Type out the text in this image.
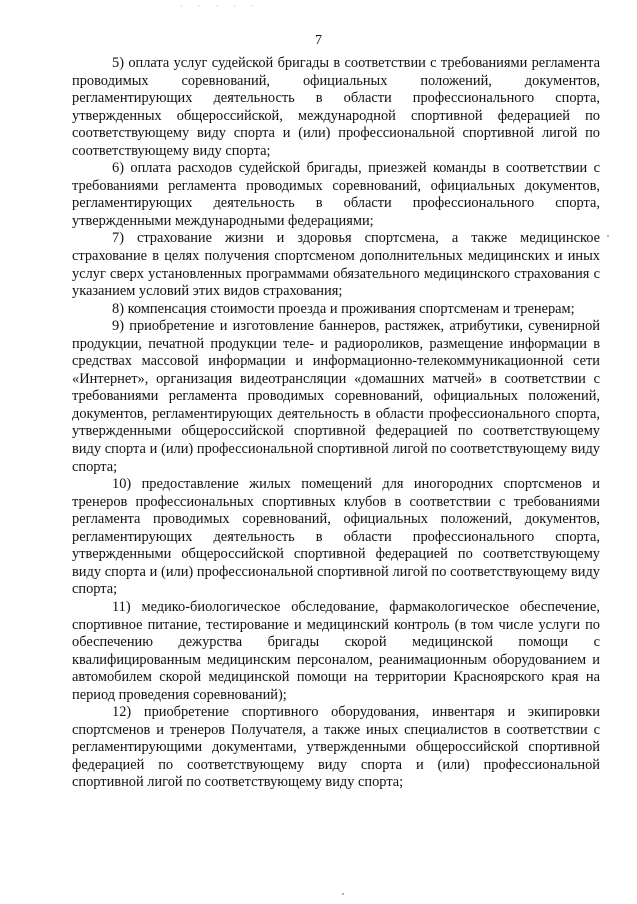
· · · · ·
7

5) оплата услуг судейской бригады в соответствии с требованиями регламента проводимых соревнований, официальных положений, документов, регламентирующих деятельность в области профессионального спорта, утвержденных общероссийской, международной спортивной федерацией по соответствующему виду спорта и (или) профессиональной спортивной лигой по соответствующему виду спорта;

6) оплата расходов судейской бригады, приезжей команды в соответствии с требованиями регламента проводимых соревнований, официальных документов, регламентирующих деятельность в области профессионального спорта, утвержденными международными федерациями;

7) страхование жизни и здоровья спортсмена, а также медицинское страхование в целях получения спортсменом дополнительных медицинских и иных услуг сверх установленных программами обязательного медицинского страхования с указанием условий этих видов страхования;

8) компенсация стоимости проезда и проживания спортсменам и тренерам;

9) приобретение и изготовление баннеров, растяжек, атрибутики, сувенирной продукции, печатной продукции теле- и радиороликов, размещение информации в средствах массовой информации и информационно-телекоммуникационной сети «Интернет», организация видеотрансляции «домашних матчей» в соответствии с требованиями регламента проводимых соревнований, официальных положений, документов, регламентирующих деятельность в области профессионального спорта, утвержденными общероссийской спортивной федерацией по соответствующему виду спорта и (или) профессиональной спортивной лигой по соответствующему виду спорта;

10) предоставление жилых помещений для иногородних спортсменов и тренеров профессиональных спортивных клубов в соответствии с требованиями регламента проводимых соревнований, официальных положений, документов, регламентирующих деятельность в области профессионального спорта, утвержденными общероссийской спортивной федерацией по соответствующему виду спорта и (или) профессиональной спортивной лигой по соответствующему виду спорта;

11) медико-биологическое обследование, фармакологическое обеспечение, спортивное питание, тестирование и медицинский контроль (в том числе услуги по обеспечению дежурства бригады скорой медицинской помощи с квалифицированным медицинским персоналом, реанимационным оборудованием и автомобилем скорой медицинской помощи на территории Красноярского края на период проведения соревнований);

12) приобретение спортивного оборудования, инвентаря и экипировки спортсменов и тренеров Получателя, а также иных специалистов в соответствии с регламентирующими документами, утвержденными общероссийской спортивной федерацией по соответствующему виду спорта и (или) профессиональной спортивной лигой по соответствующему виду спорта;
